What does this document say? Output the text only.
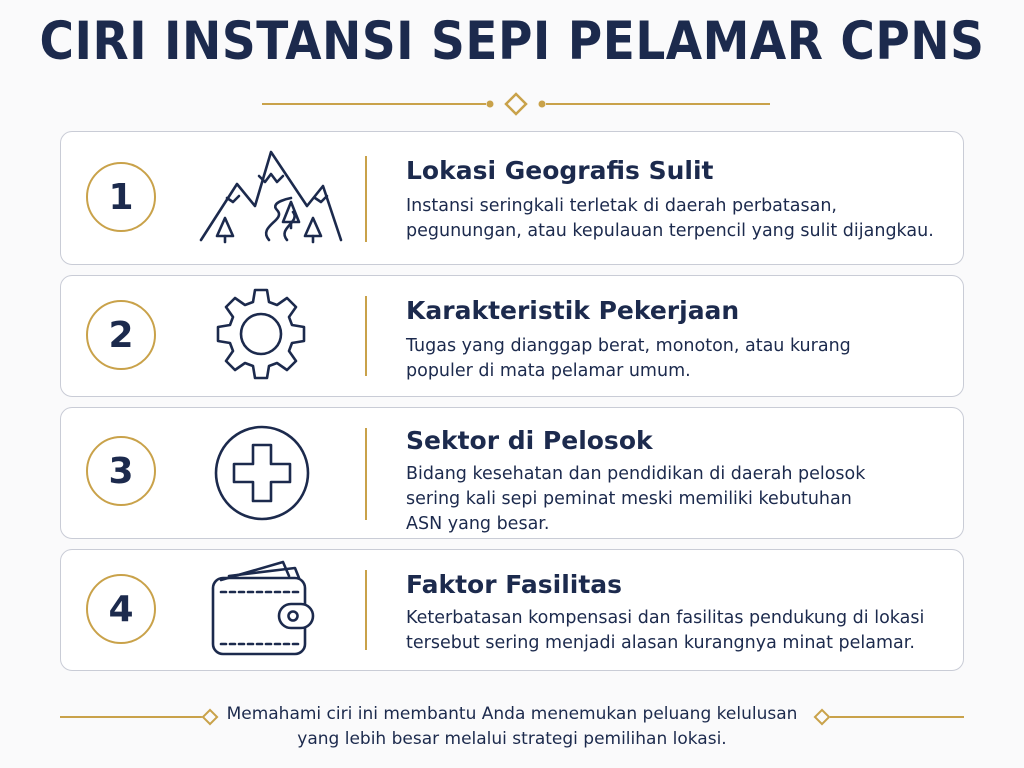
CIRI INSTANSI SEPI PELAMAR CPNS
1
Lokasi Geografis Sulit
Instansi seringkali terletak di daerah perbatasan,
pegunungan, atau kepulauan terpencil yang sulit dijangkau.
2
Karakteristik Pekerjaan
Tugas yang dianggap berat, monoton, atau kurang
populer di mata pelamar umum.
3
Sektor di Pelosok
Bidang kesehatan dan pendidikan di daerah pelosok
sering kali sepi peminat meski memiliki kebutuhan
ASN yang besar.
4
Faktor Fasilitas
Keterbatasan kompensasi dan fasilitas pendukung di lokasi
tersebut sering menjadi alasan kurangnya minat pelamar.
Memahami ciri ini membantu Anda menemukan peluang kelulusan
yang lebih besar melalui strategi pemilihan lokasi.
